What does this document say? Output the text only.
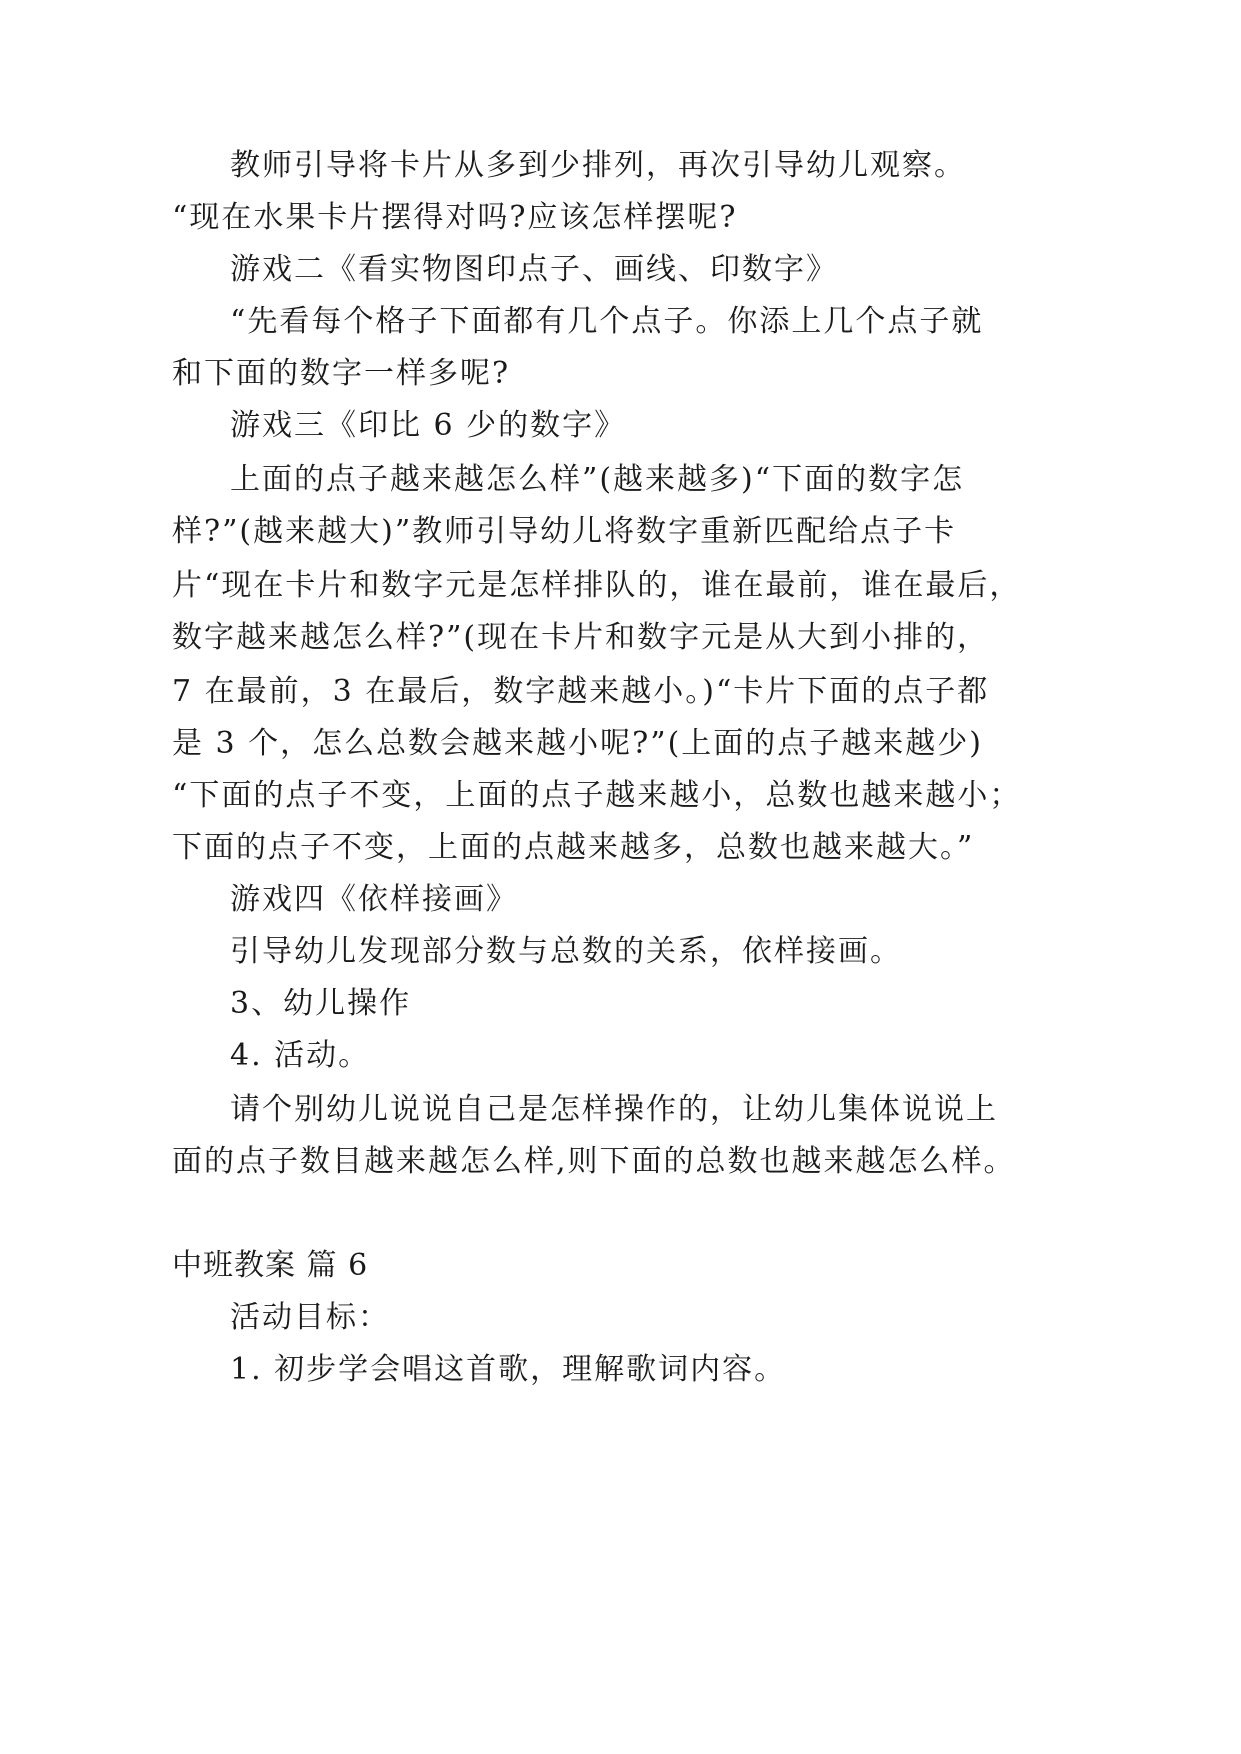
教师引导将卡片从多到少排列，再次引导幼儿观察。
“现在水果卡片摆得对吗?应该怎样摆呢?
游戏二《看实物图印点子、画线、印数字》
“先看每个格子下面都有几个点子。你添上几个点子就
和下面的数字一样多呢?
游戏三《印比 6 少的数字》
上面的点子越来越怎么样”(越来越多)“下面的数字怎
样?”(越来越大)”教师引导幼儿将数字重新匹配给点子卡
片“现在卡片和数字元是怎样排队的，谁在最前，谁在最后，
数字越来越怎么样?”(现在卡片和数字元是从大到小排的，
7 在最前，3 在最后，数字越来越小。)“卡片下面的点子都
是 3 个，怎么总数会越来越小呢?”(上面的点子越来越少)
“下面的点子不变，上面的点子越来越小，总数也越来越小；
下面的点子不变，上面的点越来越多，总数也越来越大。”
游戏四《依样接画》
引导幼儿发现部分数与总数的关系，依样接画。
3、幼儿操作
4. 活动。
请个别幼儿说说自己是怎样操作的，让幼儿集体说说上
面的点子数目越来越怎么样,则下面的总数也越来越怎么样。
中班教案 篇 6
活动目标：
1. 初步学会唱这首歌，理解歌词内容。
